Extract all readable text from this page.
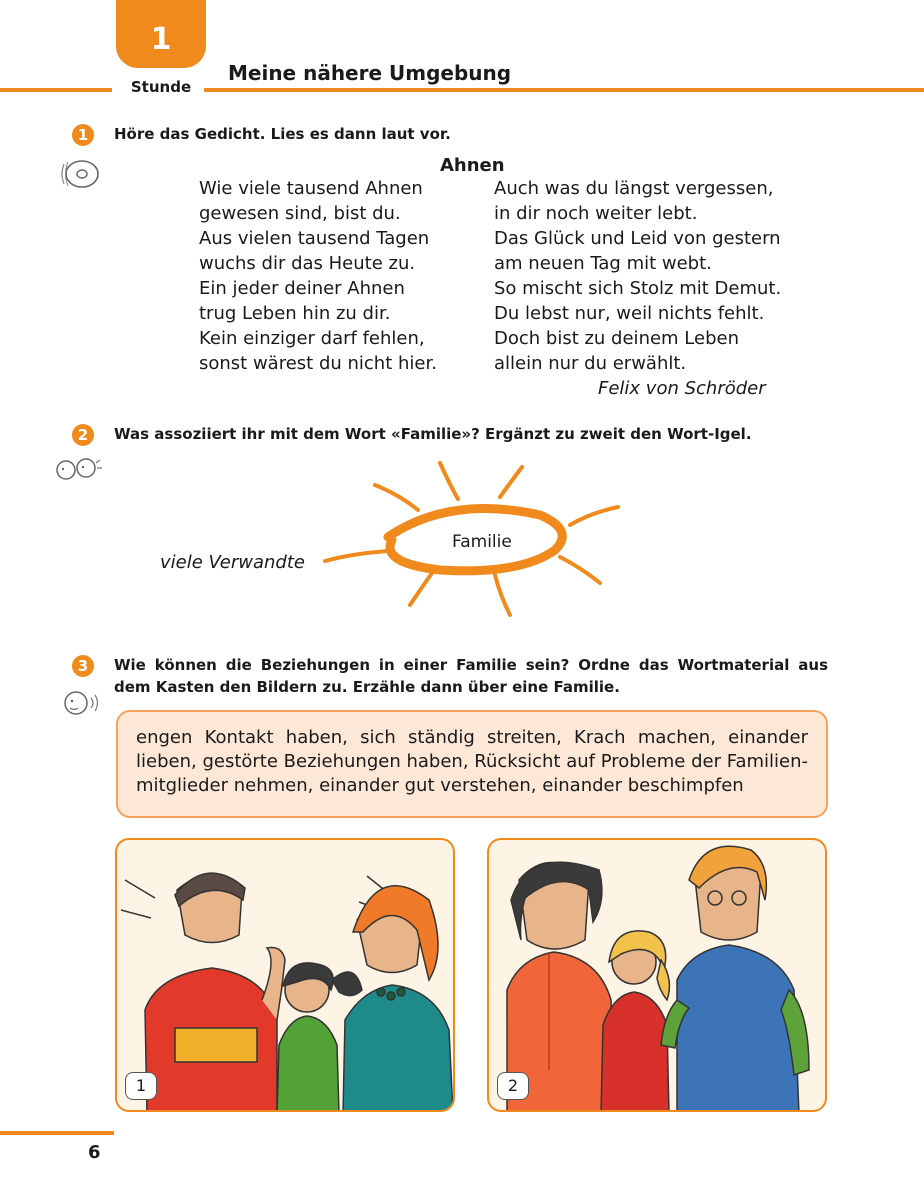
1
Stunde
Meine nähere Umgebung
1	Höre das Gedicht. Lies es dann laut vor.
Ahnen
Wie viele tausend Ahnen
gewesen sind, bist du.
Aus vielen tausend Tagen
wuchs dir das Heute zu.
Ein jeder deiner Ahnen
trug Leben hin zu dir.
Kein einziger darf fehlen,
sonst wärest du nicht hier.
Auch was du längst vergessen,
in dir noch weiter lebt.
Das Glück und Leid von gestern
am neuen Tag mit webt.
So mischt sich Stolz mit Demut.
Du lebst nur, weil nichts fehlt.
Doch bist zu deinem Leben
allein nur du erwählt.
Felix von Schröder
2	Was assoziiert ihr mit dem Wort «Familie»? Ergänzt zu zweit den Wort-Igel.
Familie
viele Verwandte
3	Wie können die Beziehungen in einer Familie sein? Ordne das Wortmaterial aus
dem Kasten den Bildern zu. Erzähle dann über eine Familie.
engen Kontakt haben, sich ständig streiten, Krach machen, einander lieben, gestörte Beziehungen haben, Rücksicht auf Probleme der Familien-mitglieder nehmen, einander gut verstehen, einander beschimpfen
1	2
6
